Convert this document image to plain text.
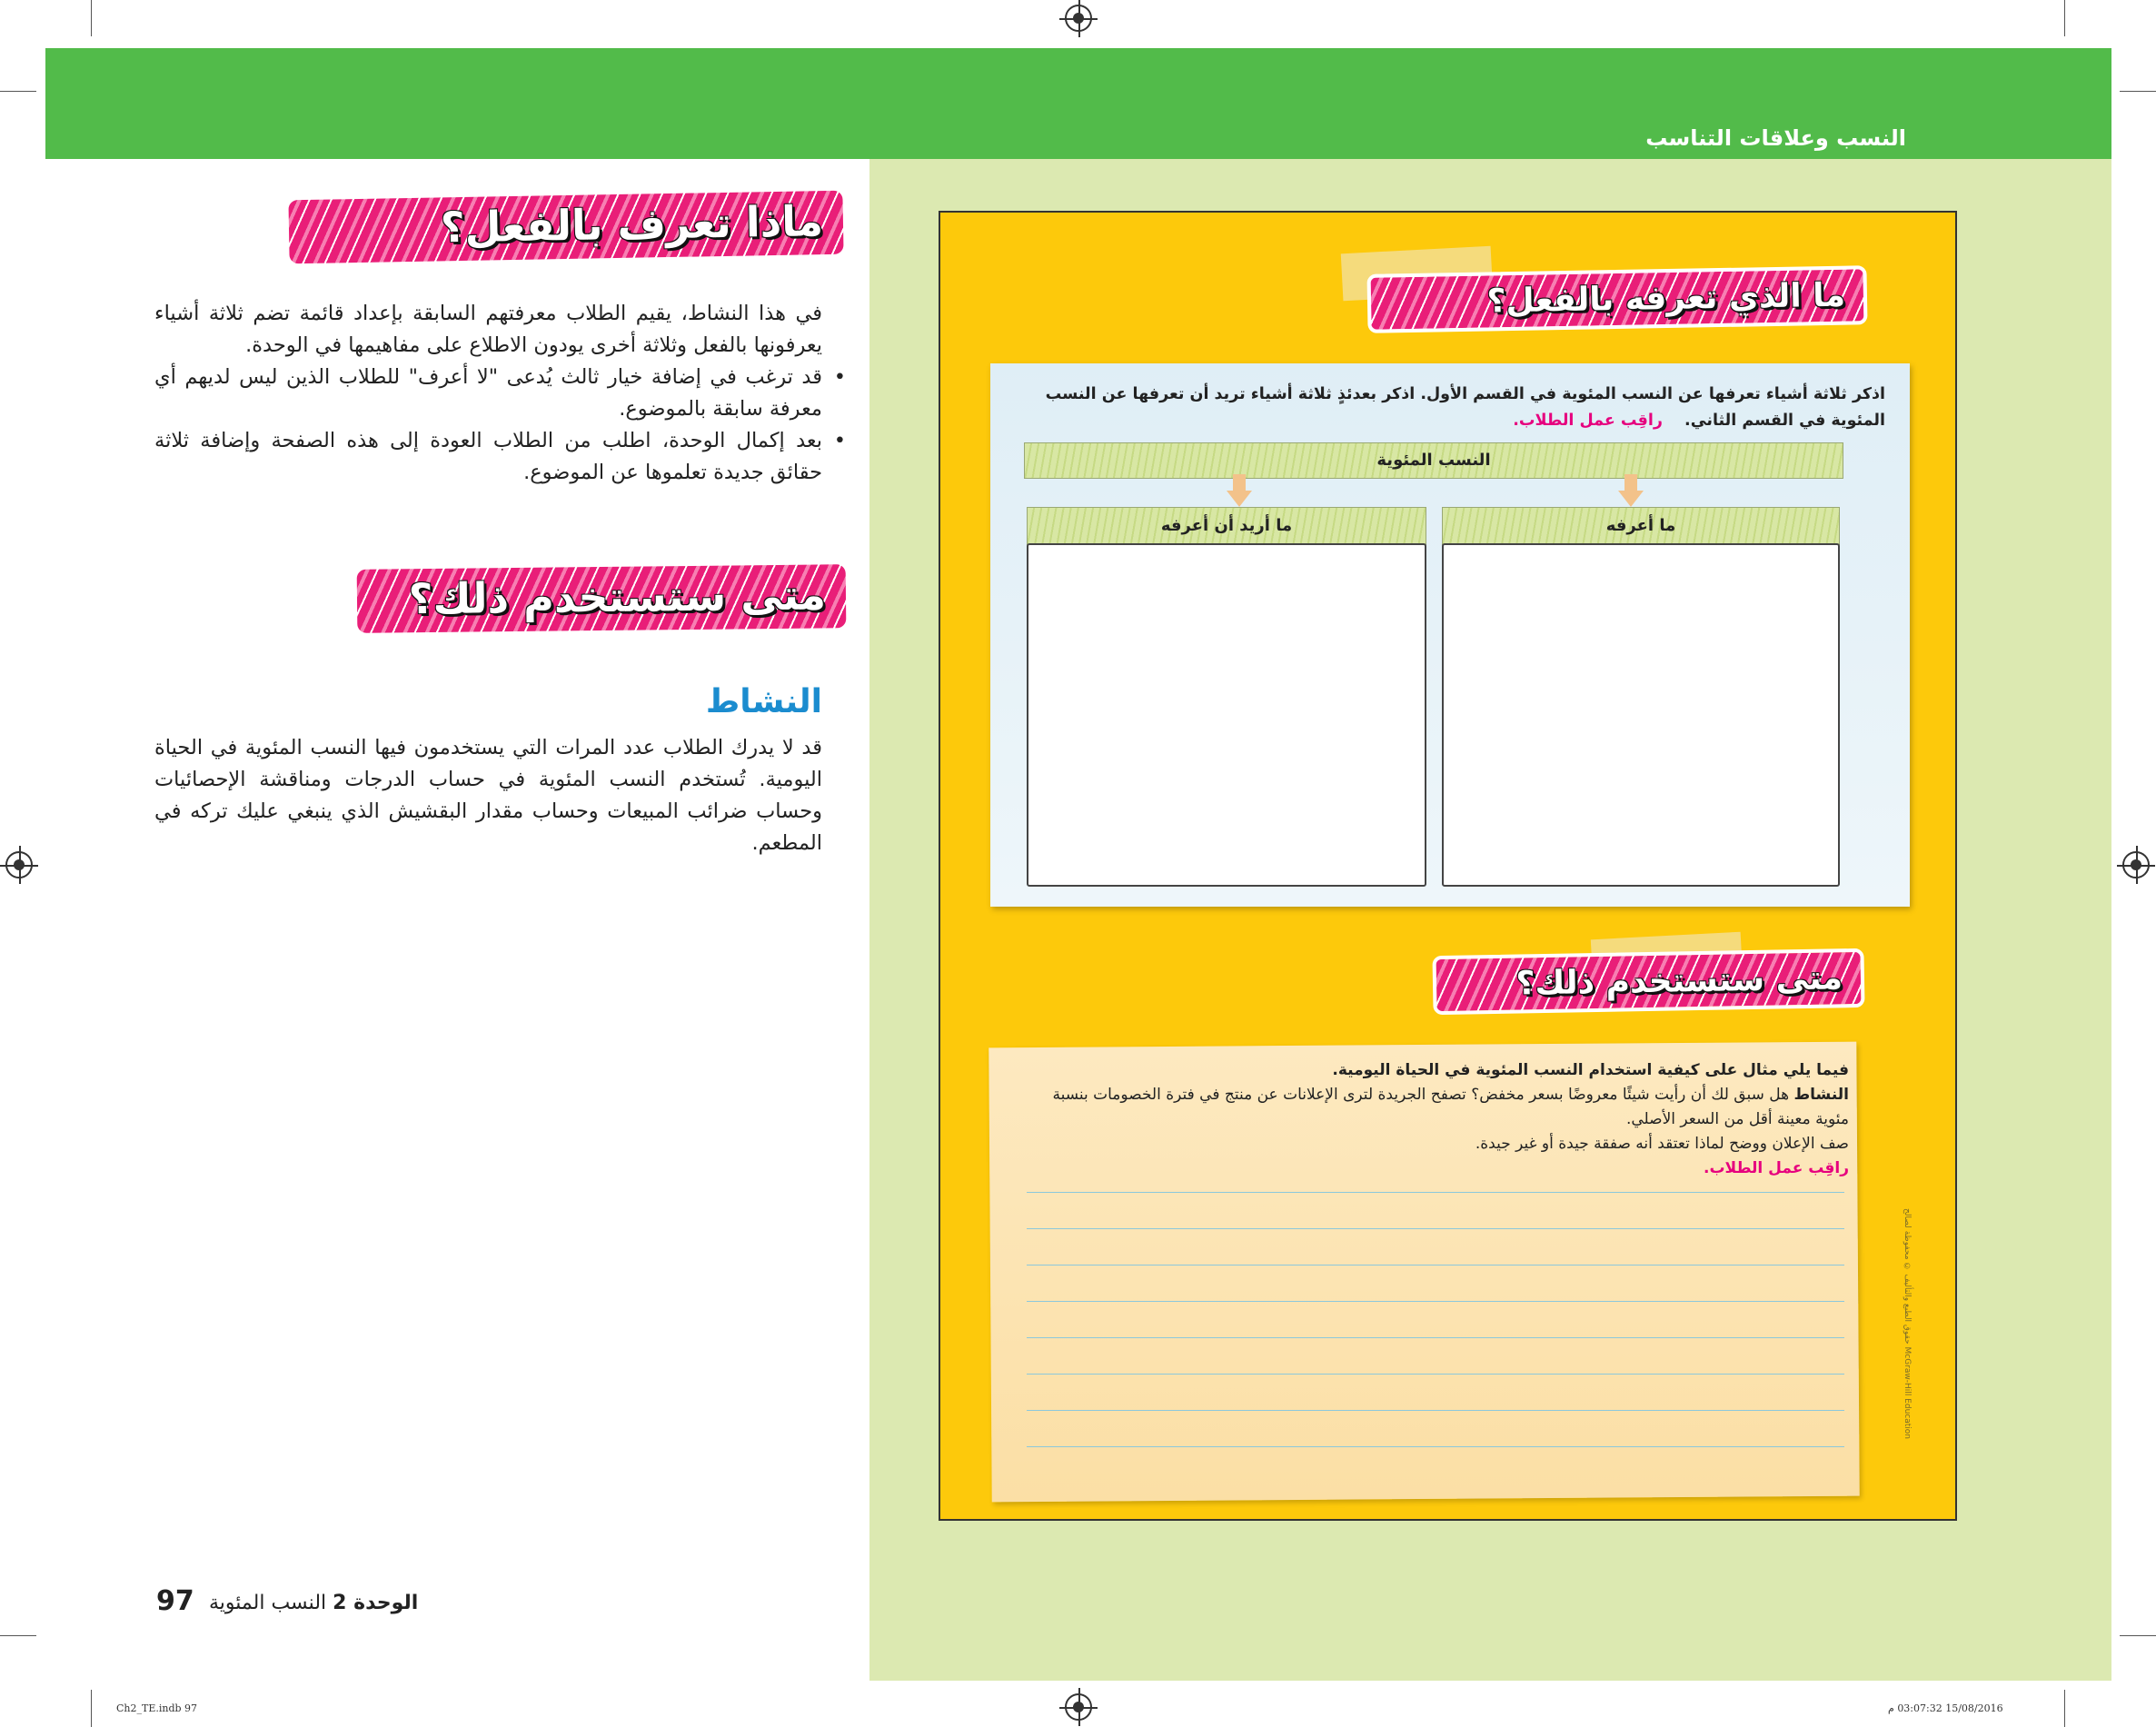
النسب وعلاقات التناسب
ماذا تعرف بالفعل؟
في هذا النشاط، يقيم الطلاب معرفتهم السابقة بإعداد قائمة تضم ثلاثة أشياء يعرفونها بالفعل وثلاثة أخرى يودون الاطلاع على مفاهيمها في الوحدة.
• قد ترغب في إضافة خيار ثالث يُدعى "لا أعرف" للطلاب الذين ليس لديهم أي معرفة سابقة بالموضوع.
• بعد إكمال الوحدة، اطلب من الطلاب العودة إلى هذه الصفحة وإضافة ثلاثة حقائق جديدة تعلموها عن الموضوع.
متى ستستخدم ذلك؟
النشاط
قد لا يدرك الطلاب عدد المرات التي يستخدمون فيها النسب المئوية في الحياة اليومية. تُستخدم النسب المئوية في حساب الدرجات ومناقشة الإحصائيات وحساب ضرائب المبيعات وحساب مقدار البقشيش الذي ينبغي عليك تركه في المطعم.
الوحدة 2 النسب المئوية
97
Ch2_TE.indb 97	15/08/2016 03:07:32 م
ما الذي تعرفه بالفعل؟
اذكر ثلاثة أشياء تعرفها عن النسب المئوية في القسم الأول. اذكر بعدئذٍ ثلاثة أشياء تريد أن تعرفها عن النسب المئوية في القسم الثاني. راقِب عمل الطلاب.
النسب المئوية
ما أعرفه
ما أريد أن أعرفه
متى ستستخدم ذلك؟
فيما يلي مثال على كيفية استخدام النسب المئوية في الحياة اليومية.
النشاط هل سبق لك أن رأيت شيئًا معروضًا بسعر مخفض؟ تصفح الجريدة لترى الإعلانات عن منتج في فترة الخصومات بنسبة مئوية معينة أقل من السعر الأصلي.
صف الإعلان ووضح لماذا تعتقد أنه صفقة جيدة أو غير جيدة.
راقِب عمل الطلاب.
حقوق الطبع والتأليف © محفوظة لصالح McGraw-Hill Education
